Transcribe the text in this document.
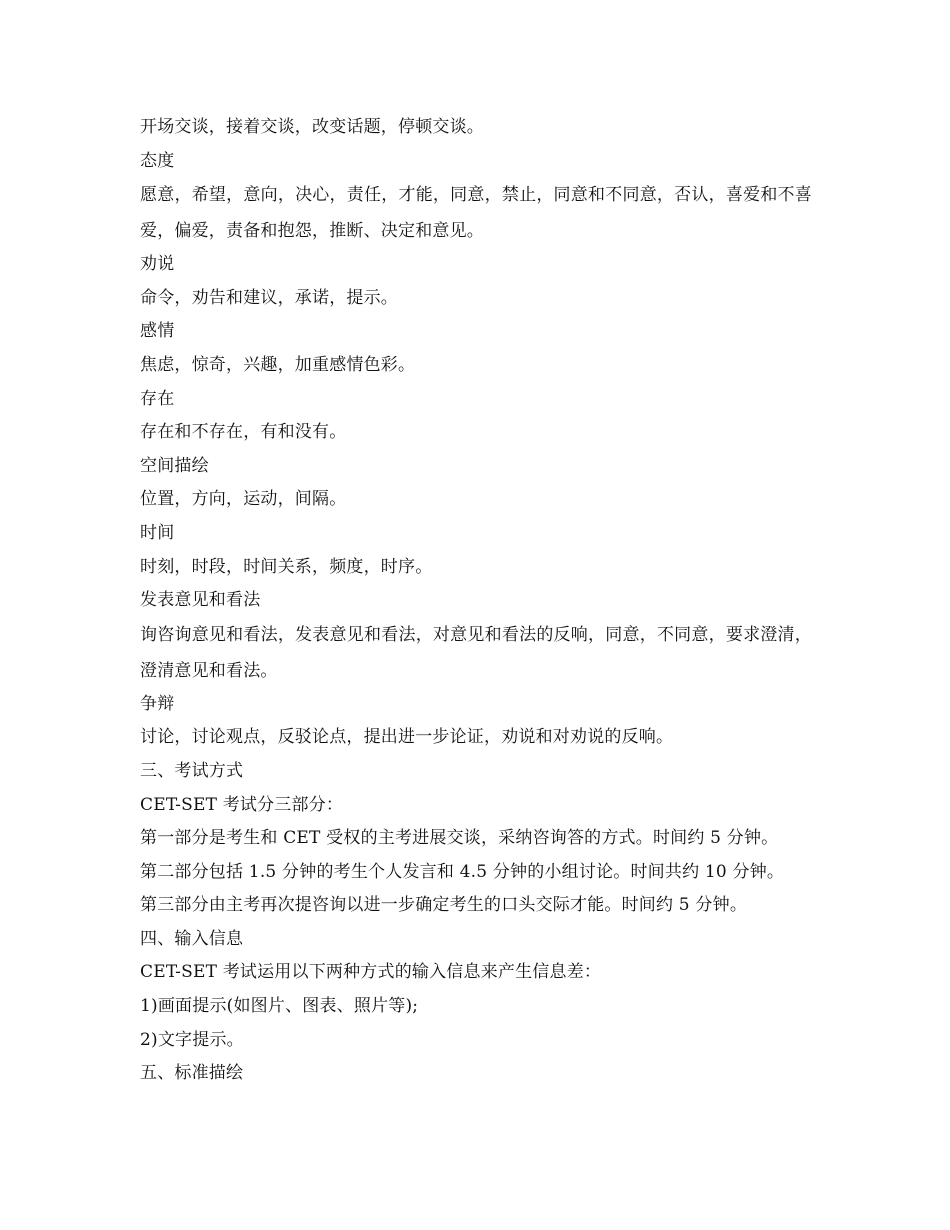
开场交谈，接着交谈，改变话题，停顿交谈。
态度
愿意，希望，意向，决心，责任，才能，同意，禁止，同意和不同意，否认，喜爱和不喜爱，偏爱，责备和抱怨，推断、决定和意见。
劝说
命令，劝告和建议，承诺，提示。
感情
焦虑，惊奇，兴趣，加重感情色彩。
存在
存在和不存在，有和没有。
空间描绘
位置，方向，运动，间隔。
时间
时刻，时段，时间关系，频度，时序。
发表意见和看法
询咨询意见和看法，发表意见和看法，对意见和看法的反响，同意，不同意，要求澄清，澄清意见和看法。
争辩
讨论，讨论观点，反驳论点，提出进一步论证，劝说和对劝说的反响。
三、考试方式
CET-SET 考试分三部分：
第一部分是考生和 CET 受权的主考进展交谈，采纳咨询答的方式。时间约 5 分钟。
第二部分包括 1.5 分钟的考生个人发言和 4.5 分钟的小组讨论。时间共约 10 分钟。
第三部分由主考再次提咨询以进一步确定考生的口头交际才能。时间约 5 分钟。
四、输入信息
CET-SET 考试运用以下两种方式的输入信息来产生信息差：
1)画面提示(如图片、图表、照片等);
2)文字提示。
五、标准描绘
